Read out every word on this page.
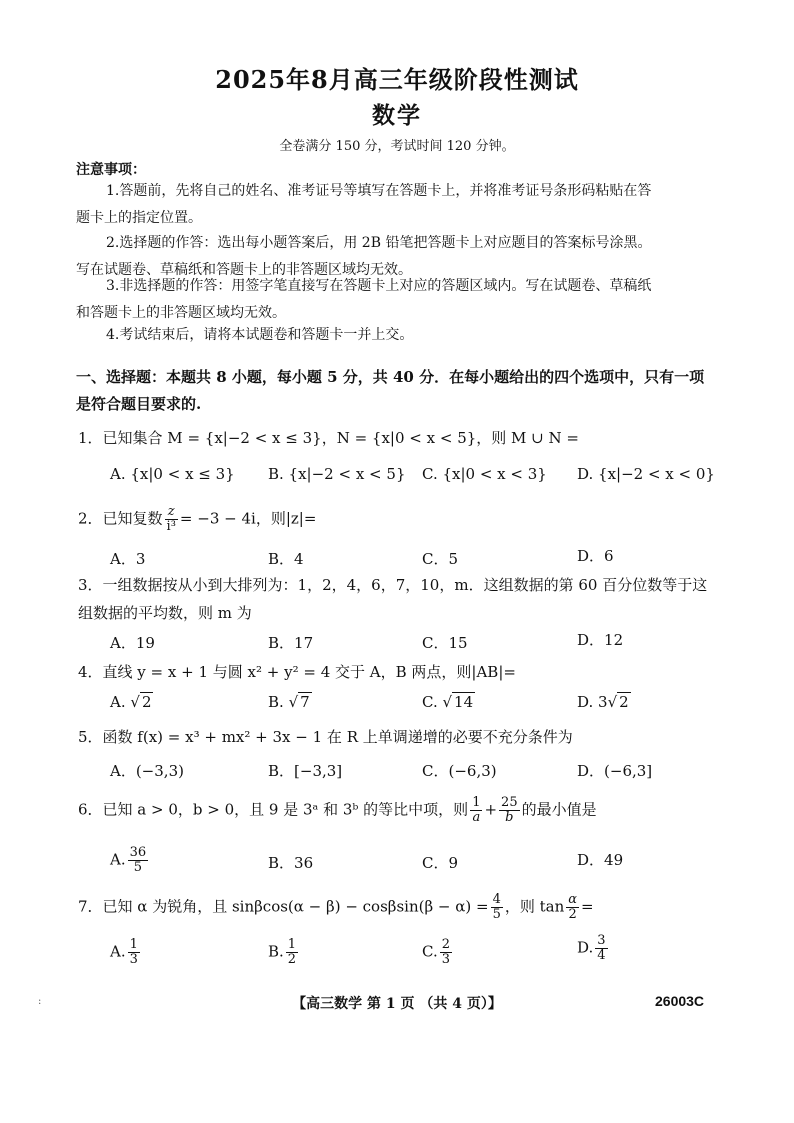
2025年8月高三年级阶段性测试
数学
全卷满分 150 分，考试时间 120 分钟。
注意事项：
1.答题前，先将自己的姓名、准考证号等填写在答题卡上，并将准考证号条形码粘贴在答
题卡上的指定位置。
2.选择题的作答：选出每小题答案后，用 2B 铅笔把答题卡上对应题目的答案标号涂黑。
写在试题卷、草稿纸和答题卡上的非答题区域均无效。
3.非选择题的作答：用签字笔直接写在答题卡上对应的答题区域内。写在试题卷、草稿纸
和答题卡上的非答题区域均无效。
4.考试结束后，请将本试题卷和答题卡一并上交。
一、选择题：本题共 8 小题，每小题 5 分，共 40 分．在每小题给出的四个选项中，只有一项
是符合题目要求的.
1．已知集合 M = {x|−2 < x ≤ 3}，N = {x|0 < x < 5}，则 M ∪ N =
A. {x|0 < x ≤ 3} B. {x|−2 < x < 5} C. {x|0 < x < 3} D. {x|−2 < x < 0}
2．已知复数 $\frac{z}{\text{i³}} = -3 - 4i$，则|z|=
A．3	B．4	C．5	D．6
3．一组数据按从小到大排列为：1，2，4，6，7，10，m．这组数据的第 60 百分位数等于这
组数据的平均数，则 m 为
A．19	B．17	C．15	D．12
4．直线 y = x + 1 与圆 x² + y² = 4 交于 A，B 两点，则|AB|=
A. √ 2	B. √ 7	C. √ 14	D. 3√ 2
5．函数 f(x) = x³ + mx² + 3x − 1 在 R 上单调递增的必要不充分条件为
A．(−3,3)	B．[−3,3]	C．(−6,3)	D．(−6,3]
6．已知 a > 0，b > 0，且 9 是 3ᵃ 和 3ᵇ 的等比中项，则 $\frac{1}{a} + \frac{25}{b}$ 的最小值是
A. $\frac{36}{5}$	B．36	C．9	D．49
7．已知 α 为锐角，且 $\sin\beta\cos(\alpha - \beta) - \cos\beta\sin(\beta - \alpha) = \frac{4}{5}$ ，则 $\tan \frac{\alpha}{2}$ =
A. $\frac{1}{3}$	B. $\frac{1}{2}$	C. $\frac{2}{3}$	D. $\frac{3}{4}$
【高三数学 第 1 页 （共 4 页）】	26003C
:
